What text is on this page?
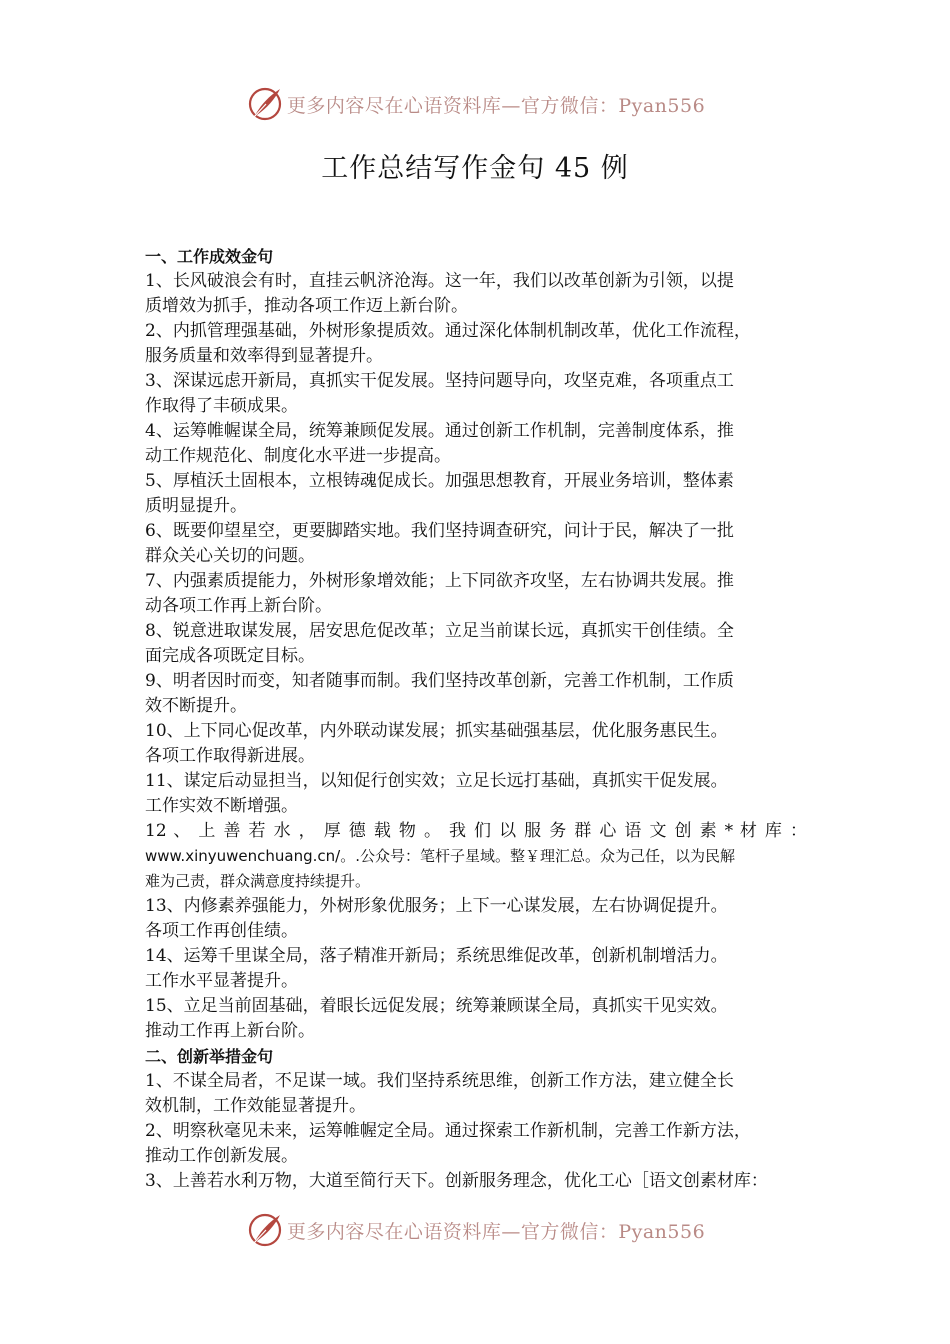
更多内容尽在心语资料库—官方微信：Pyan556
工作总结写作金句 45 例
一、工作成效金句
1、长风破浪会有时，直挂云帆济沧海。这一年，我们以改革创新为引领，以提
质增效为抓手，推动各项工作迈上新台阶。
2、内抓管理强基础，外树形象提质效。通过深化体制机制改革，优化工作流程，
服务质量和效率得到显著提升。
3、深谋远虑开新局，真抓实干促发展。坚持问题导向，攻坚克难，各项重点工
作取得了丰硕成果。
4、运筹帷幄谋全局，统筹兼顾促发展。通过创新工作机制，完善制度体系，推
动工作规范化、制度化水平进一步提高。
5、厚植沃土固根本，立根铸魂促成长。加强思想教育，开展业务培训，整体素
质明显提升。
6、既要仰望星空，更要脚踏实地。我们坚持调查研究，问计于民，解决了一批
群众关心关切的问题。
7、内强素质提能力，外树形象增效能；上下同欲齐攻坚，左右协调共发展。推
动各项工作再上新台阶。
8、锐意进取谋发展，居安思危促改革；立足当前谋长远，真抓实干创佳绩。全
面完成各项既定目标。
9、明者因时而变，知者随事而制。我们坚持改革创新，完善工作机制，工作质
效不断提升。
10、上下同心促改革，内外联动谋发展；抓实基础强基层，优化服务惠民生。
各项工作取得新进展。
11、谋定后动显担当，以知促行创实效；立足长远打基础，真抓实干促发展。
工作实效不断增强。
12 、 上 善 若 水 ， 厚 德 载 物 。 我 们 以 服 务 群 心 语 文 创 素 * 材 库 ：
www.xinyuwenchuang.cn/。.公众号：笔杆子星域。整￥理汇总。众为己任，以为民解
难为己责，群众满意度持续提升。
13、内修素养强能力，外树形象优服务；上下一心谋发展，左右协调促提升。
各项工作再创佳绩。
14、运筹千里谋全局，落子精准开新局；系统思维促改革，创新机制增活力。
工作水平显著提升。
15、立足当前固基础，着眼长远促发展；统筹兼顾谋全局，真抓实干见实效。
推动工作再上新台阶。
二、创新举措金句
1、不谋全局者，不足谋一域。我们坚持系统思维，创新工作方法，建立健全长
效机制，工作效能显著提升。
2、明察秋毫见未来，运筹帷幄定全局。通过探索工作新机制，完善工作新方法，
推动工作创新发展。
3、上善若水利万物，大道至简行天下。创新服务理念，优化工心［语文创素材库：
更多内容尽在心语资料库—官方微信：Pyan556
